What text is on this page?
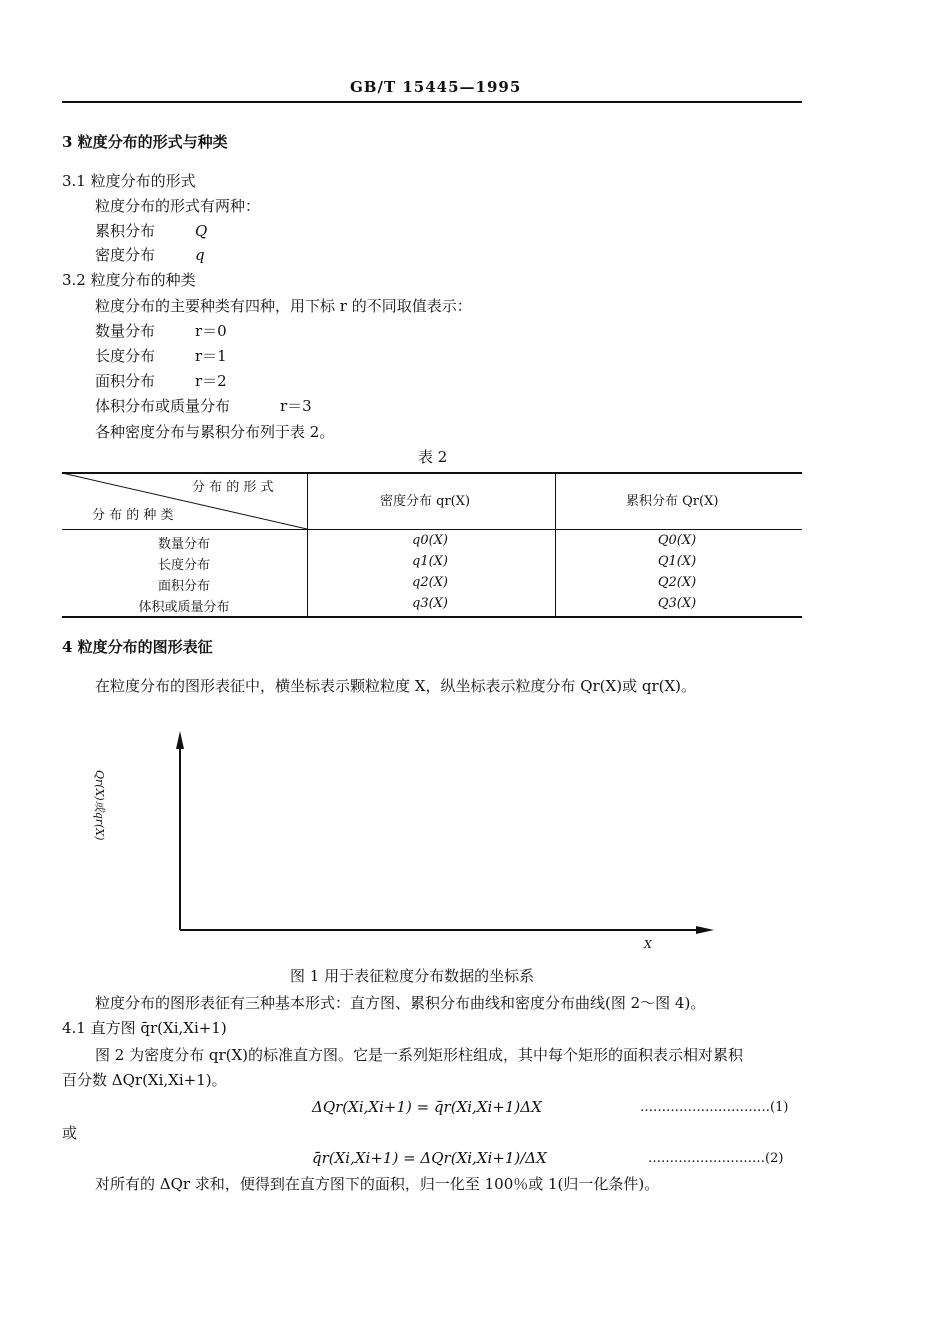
GB/T 15445—1995
3 粒度分布的形式与种类
3.1 粒度分布的形式
粒度分布的形式有两种：
累积分布	Q
密度分布	q
3.2 粒度分布的种类
粒度分布的主要种类有四种，用下标 r 的不同取值表示：
数量分布	r＝0
长度分布	r＝1
面积分布	r＝2
体积分布或质量分布	r＝3
各种密度分布与累积分布列于表 2。
表 2
分 布 的 形 式
分 布 的 种 类
密度分布 qr(X)	累积分布 Qr(X)
数量分布	q0(X)	Q0(X)
长度分布	q1(X)	Q1(X)
面积分布	q2(X)	Q2(X)
体积或质量分布	q3(X)	Q3(X)
4 粒度分布的图形表征
在粒度分布的图形表征中，横坐标表示颗粒粒度 X，纵坐标表示粒度分布 Qr(X)或 qr(X)。
Qr(X)或qr(X)
X
图 1 用于表征粒度分布数据的坐标系
粒度分布的图形表征有三种基本形式：直方图、累积分布曲线和密度分布曲线(图 2～图 4)。
4.1 直方图 q̄r(Xi,Xi+1)
图 2 为密度分布 qr(X)的标准直方图。它是一系列矩形柱组成，其中每个矩形的面积表示相对累积
百分数 ΔQr(Xi,Xi+1)。
ΔQr(Xi,Xi+1) = q̄r(Xi,Xi+1)ΔX	…………………………(1)
或
q̄r(Xi,Xi+1) = ΔQr(Xi,Xi+1)/ΔX	………………………(2)
对所有的 ΔQr 求和，便得到在直方图下的面积，归一化至 100％或 1(归一化条件)。
